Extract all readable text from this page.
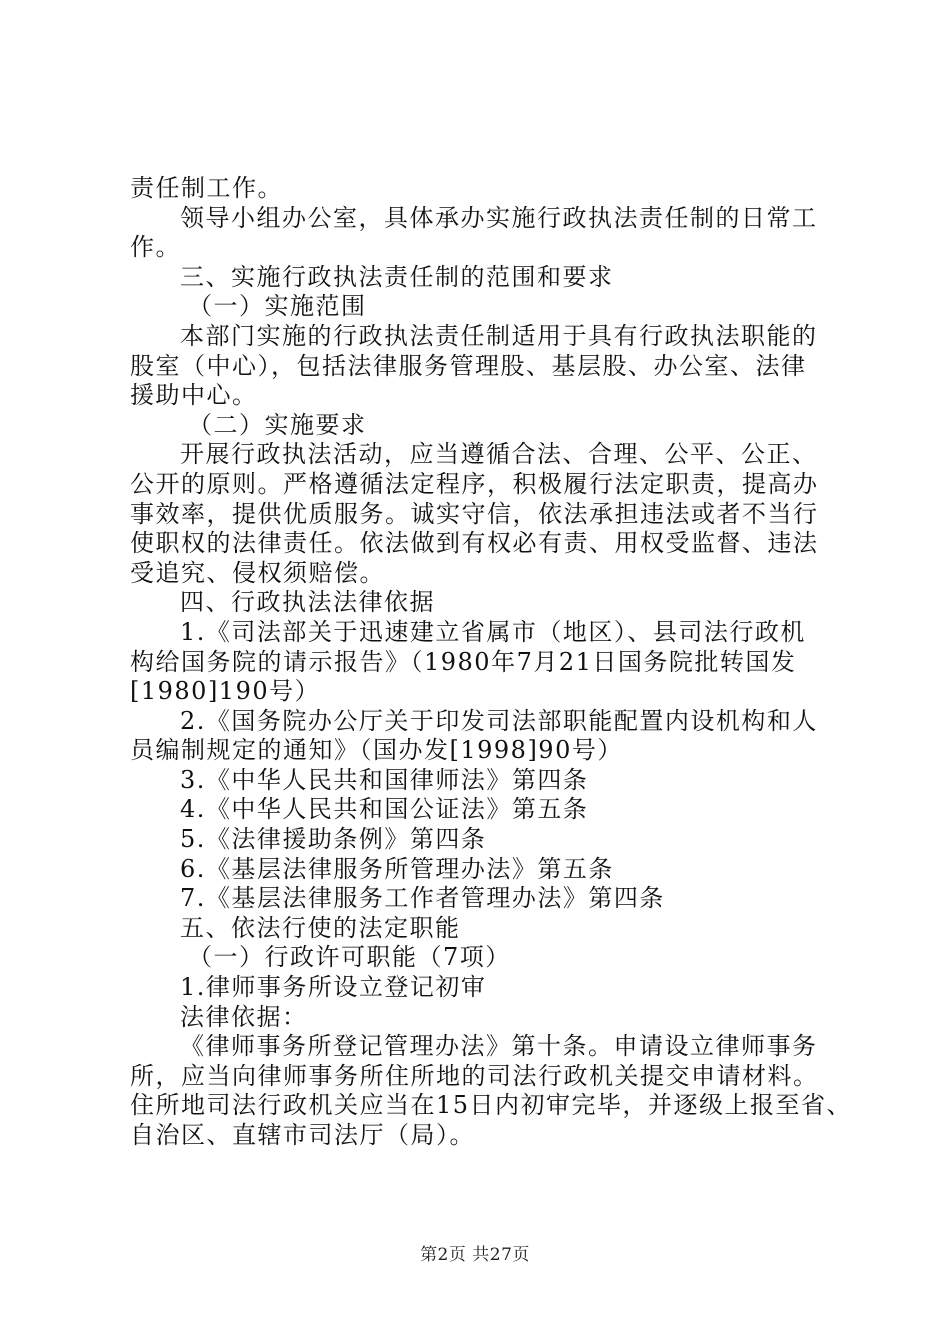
责任制工作。

领导小组办公室，具体承办实施行政执法责任制的日常工

作。

三、实施行政执法责任制的范围和要求

（一）实施范围

本部门实施的行政执法责任制适用于具有行政执法职能的

股室（中心），包括法律服务管理股、基层股、办公室、法律

援助中心。

（二）实施要求

开展行政执法活动，应当遵循合法、合理、公平、公正、

公开的原则。严格遵循法定程序，积极履行法定职责，提高办

事效率，提供优质服务。诚实守信，依法承担违法或者不当行

使职权的法律责任。依法做到有权必有责、用权受监督、违法

受追究、侵权须赔偿。

四、行政执法法律依据

1.《司法部关于迅速建立省属市（地区）、县司法行政机

构给国务院的请示报告》（1980年7月21日国务院批转国发

[1980]190号）

2.《国务院办公厅关于印发司法部职能配置内设机构和人

员编制规定的通知》（国办发[1998]90号）

3.《中华人民共和国律师法》第四条

4.《中华人民共和国公证法》第五条

5.《法律援助条例》第四条

6.《基层法律服务所管理办法》第五条

7.《基层法律服务工作者管理办法》第四条

五、依法行使的法定职能

（一）行政许可职能（7项）

1.律师事务所设立登记初审

法律依据：

《律师事务所登记管理办法》第十条。申请设立律师事务

所，应当向律师事务所住所地的司法行政机关提交申请材料。

住所地司法行政机关应当在15日内初审完毕，并逐级上报至省、

自治区、直辖市司法厅（局）。

第2页 共27页
